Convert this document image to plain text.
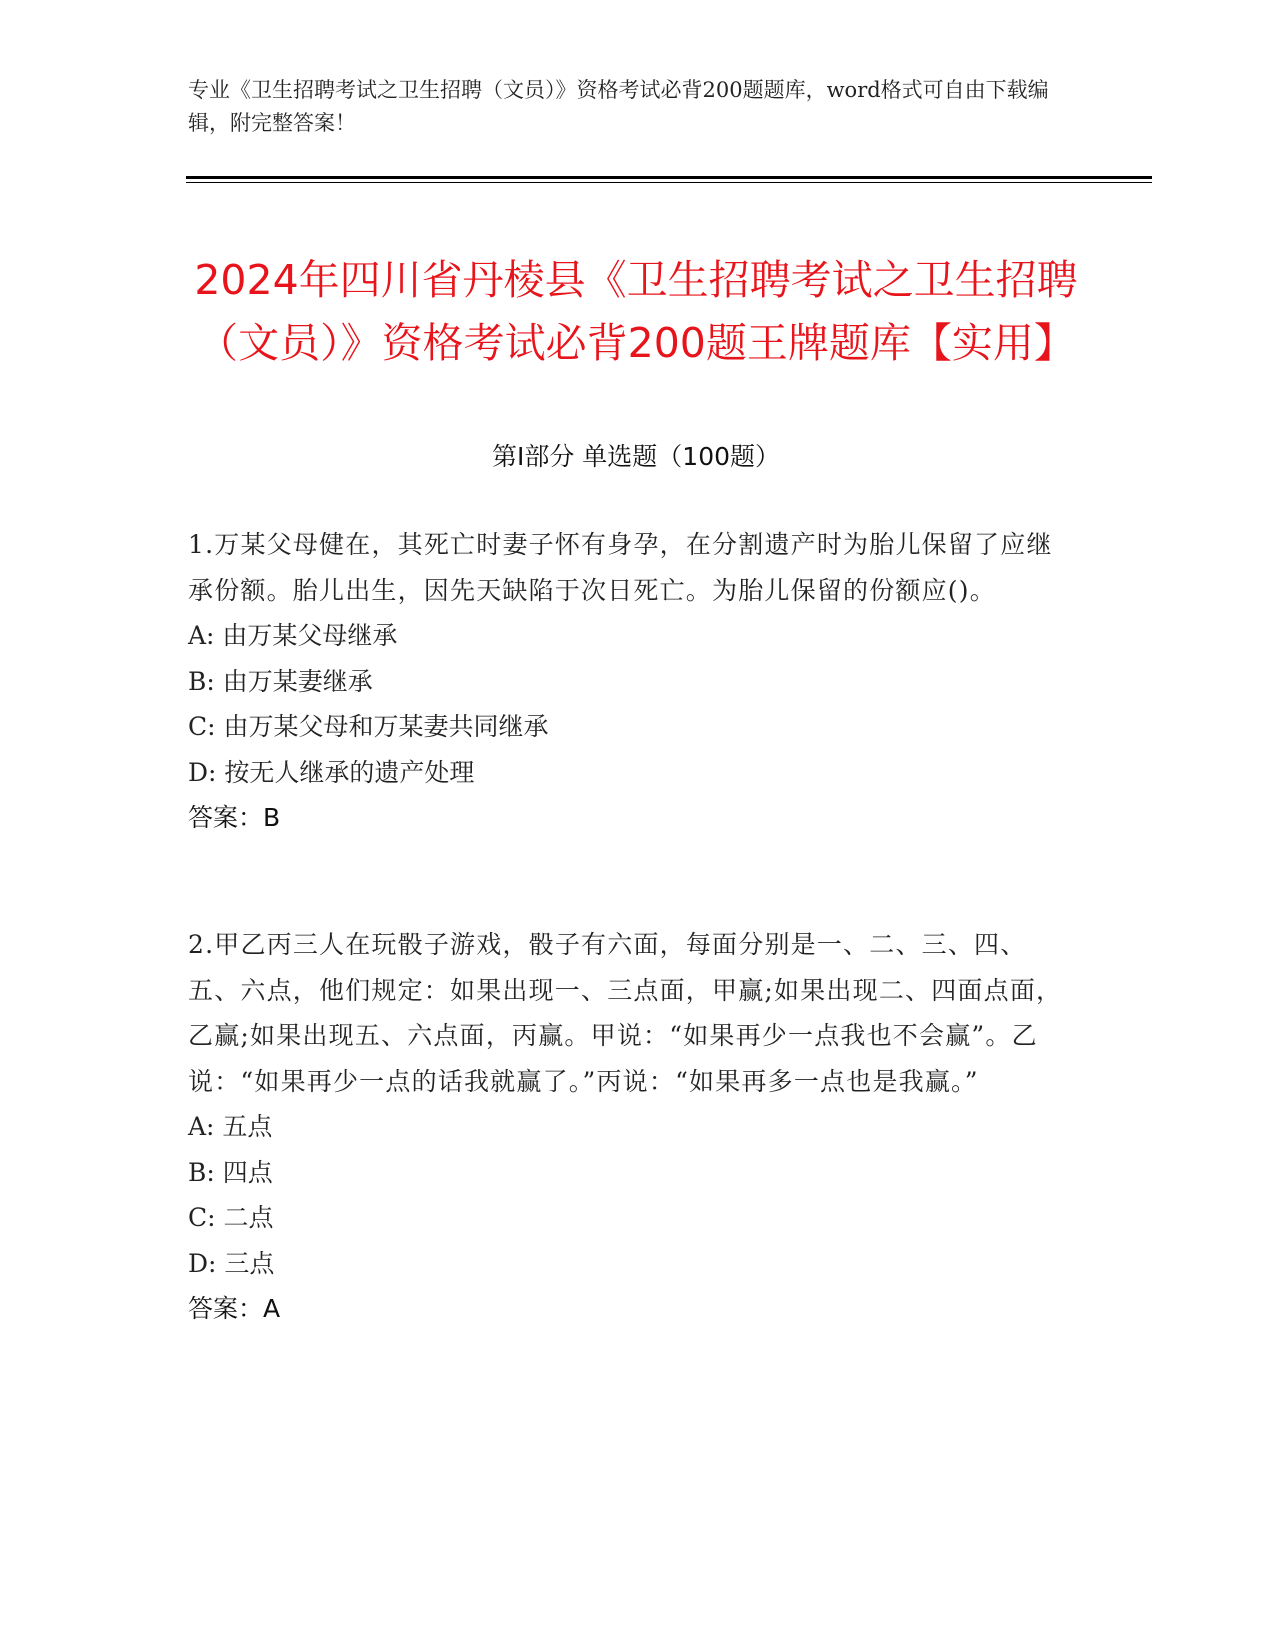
专业《卫生招聘考试之卫生招聘（文员）》资格考试必背200题题库，word格式可自由下载编辑，附完整答案！
2024年四川省丹棱县《卫生招聘考试之卫生招聘（文员）》资格考试必背200题王牌题库【实用】
第I部分 单选题（100题）

1.万某父母健在，其死亡时妻子怀有身孕，在分割遗产时为胎儿保留了应继承份额。胎儿出生，因先天缺陷于次日死亡。为胎儿保留的份额应()。

A: 由万某父母继承

B: 由万某妻继承

C: 由万某父母和万某妻共同继承

D: 按无人继承的遗产处理

答案：B

2.甲乙丙三人在玩骰子游戏，骰子有六面，每面分别是一、二、三、四、五、六点，他们规定：如果出现一、三点面，甲赢;如果出现二、四面点面，乙赢;如果出现五、六点面，丙赢。甲说：“如果再少一点我也不会赢”。乙说：“如果再少一点的话我就赢了。”丙说：“如果再多一点也是我赢。”

A: 五点

B: 四点

C: 二点

D: 三点

答案：A
